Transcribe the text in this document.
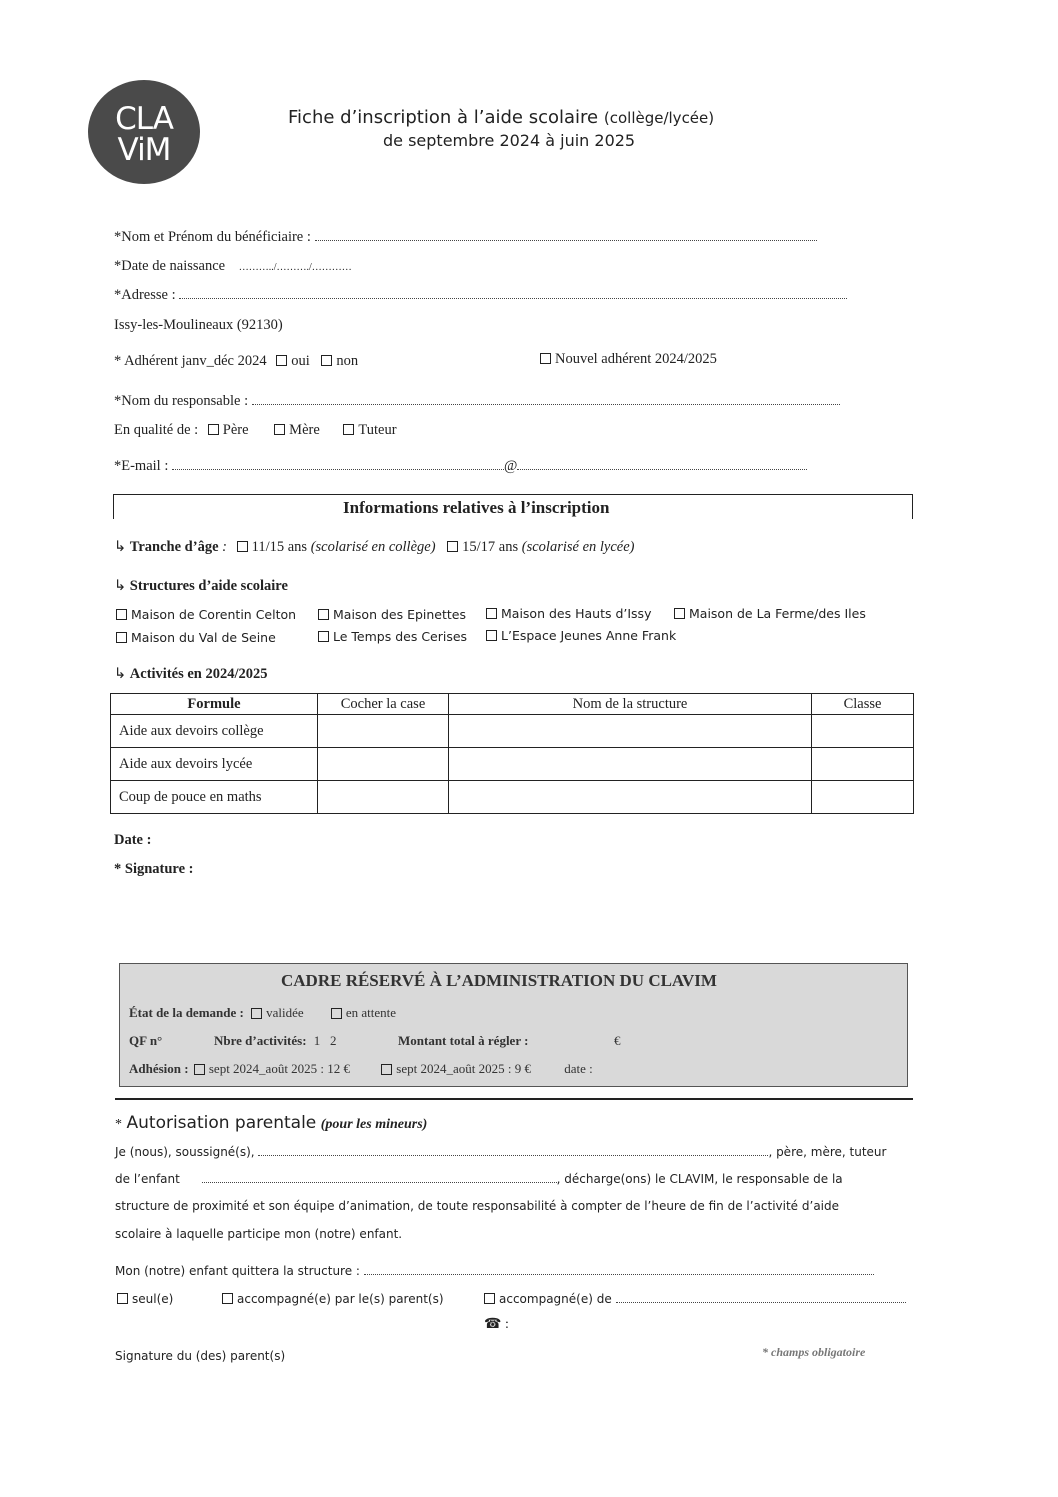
CLA
ViM
Fiche d’inscription à l’aide scolaire (collège/lycée)
de septembre 2024 à juin 2025
*Nom et Prénom du bénéficiaire :
*Date de naissance ………../………./…………
*Adresse :
Issy-les-Moulineaux (92130)
* Adhérent janv_déc 2024 oui non	Nouvel adhérent 2024/2025
*Nom du responsable :
En qualité de : Père	Mère	Tuteur
*E-mail :	@
Informations relatives à l’inscription
↳ Tranche d’âge : 11/15 ans (scolarisé en collège) 15/17 ans (scolarisé en lycée)
↳ Structures d’aide scolaire
Maison de Corentin Celton	Maison des Epinettes	Maison des Hauts d’Issy	Maison de La Ferme/des Iles
Maison du Val de Seine	Le Temps des Cerises	L’Espace Jeunes Anne Frank
↳ Activités en 2024/2025
Formule	Cocher la case	Nom de la structure	Classe
Aide aux devoirs collège			
Aide aux devoirs lycée			
Coup de pouce en maths			
Date :
* Signature :
CADRE RÉSERVÉ À L’ADMINISTRATION DU CLAVIM
État de la demande : validée	en attente
QF n°	Nbre d’activités: 1   2	Montant total à régler :	€
Adhésion : sept 2024_août 2025 : 12 €	sept 2024_août 2025 : 9 €	date :
* Autorisation parentale (pour les mineurs)
Je (nous), soussigné(s),	, père, mère, tuteur
de l’enfant	, décharge(ons) le CLAVIM, le responsable de la
structure de proximité et son équipe d’animation, de toute responsabilité à compter de l’heure de fin de l’activité d’aide
scolaire à laquelle participe mon (notre) enfant.
Mon (notre) enfant quittera la structure :
seul(e)	accompagné(e) par le(s) parent(s)	accompagné(e) de
☎ :
Signature du (des) parent(s)	* champs obligatoire
